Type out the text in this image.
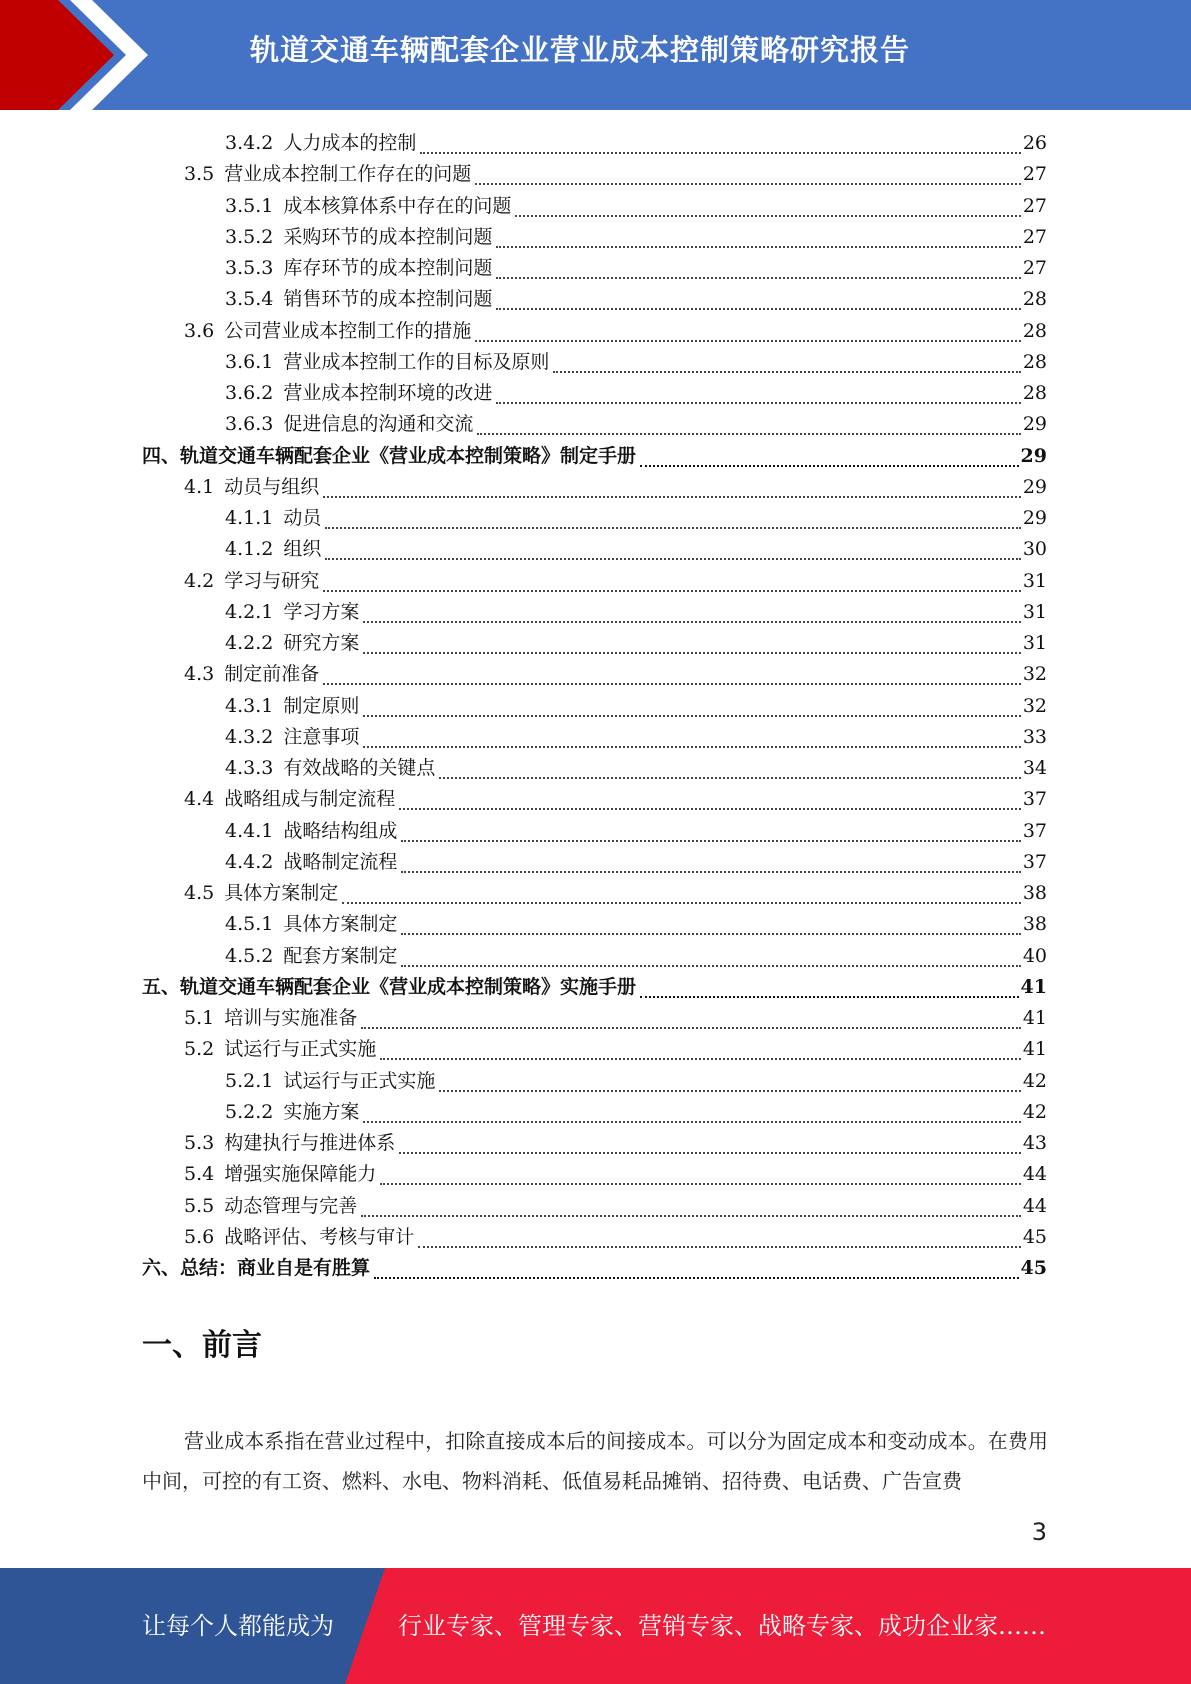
轨道交通车辆配套企业营业成本控制策略研究报告
3.4.2 人力成本的控制	26
3.5 营业成本控制工作存在的问题	27
3.5.1 成本核算体系中存在的问题	27
3.5.2 采购环节的成本控制问题	27
3.5.3 库存环节的成本控制问题	27
3.5.4 销售环节的成本控制问题	28
3.6 公司营业成本控制工作的措施	28
3.6.1 营业成本控制工作的目标及原则	28
3.6.2 营业成本控制环境的改进	28
3.6.3 促进信息的沟通和交流	29
四、轨道交通车辆配套企业《营业成本控制策略》制定手册	29
4.1 动员与组织	29
4.1.1 动员	29
4.1.2 组织	30
4.2 学习与研究	31
4.2.1 学习方案	31
4.2.2 研究方案	31
4.3 制定前准备	32
4.3.1 制定原则	32
4.3.2 注意事项	33
4.3.3 有效战略的关键点	34
4.4 战略组成与制定流程	37
4.4.1 战略结构组成	37
4.4.2 战略制定流程	37
4.5 具体方案制定	38
4.5.1 具体方案制定	38
4.5.2 配套方案制定	40
五、轨道交通车辆配套企业《营业成本控制策略》实施手册	41
5.1 培训与实施准备	41
5.2 试运行与正式实施	41
5.2.1 试运行与正式实施	42
5.2.2 实施方案	42
5.3 构建执行与推进体系	43
5.4 增强实施保障能力	44
5.5 动态管理与完善	44
5.6 战略评估、考核与审计	45
六、总结：商业自是有胜算	45
一、前言
营业成本系指在营业过程中，扣除直接成本后的间接成本。可以分为固定成本和变动成本。在费用中间，可控的有工资、燃料、水电、物料消耗、低值易耗品摊销、招待费、电话费、广告宣费
3
让每个人都能成为	行业专家、管理专家、营销专家、战略专家、成功企业家……
